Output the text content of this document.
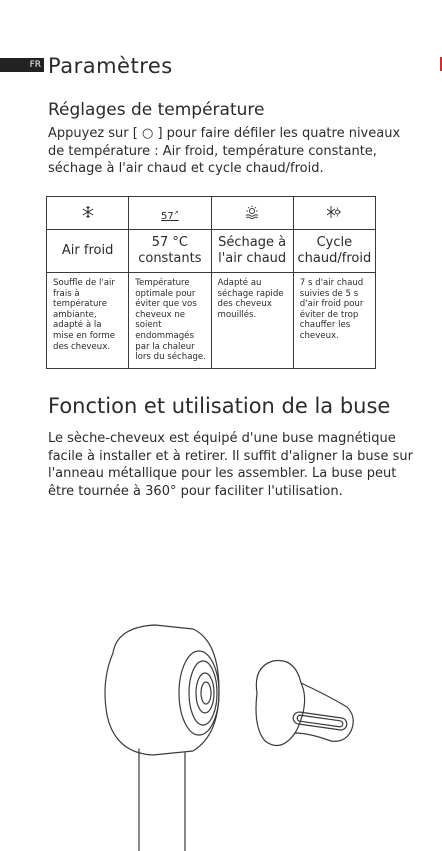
FR Paramètres
Réglages de température

Appuyez sur [ ○ ] pour faire défiler les quatre niveaux de température : Air froid, température constante, séchage à l'air chaud et cycle chaud/froid.

	57↗		
Air froid	57 °C constants	Séchage à l'air chaud	Cycle chaud/froid
Souffle de l'air frais à température ambiante, adapté à la mise en forme des cheveux.	Température optimale pour éviter que vos cheveux ne soient endommagés par la chaleur lors du séchage.	Adapté au séchage rapide des cheveux mouillés.	7 s d'air chaud suivies de 5 s d'air froid pour éviter de trop chauffer les cheveux.
Fonction et utilisation de la buse

Le sèche-cheveux est équipé d'une buse magnétique facile à installer et à retirer. Il suffit d'aligner la buse sur l'anneau métallique pour les assembler. La buse peut être tournée à 360° pour faciliter l'utilisation.
